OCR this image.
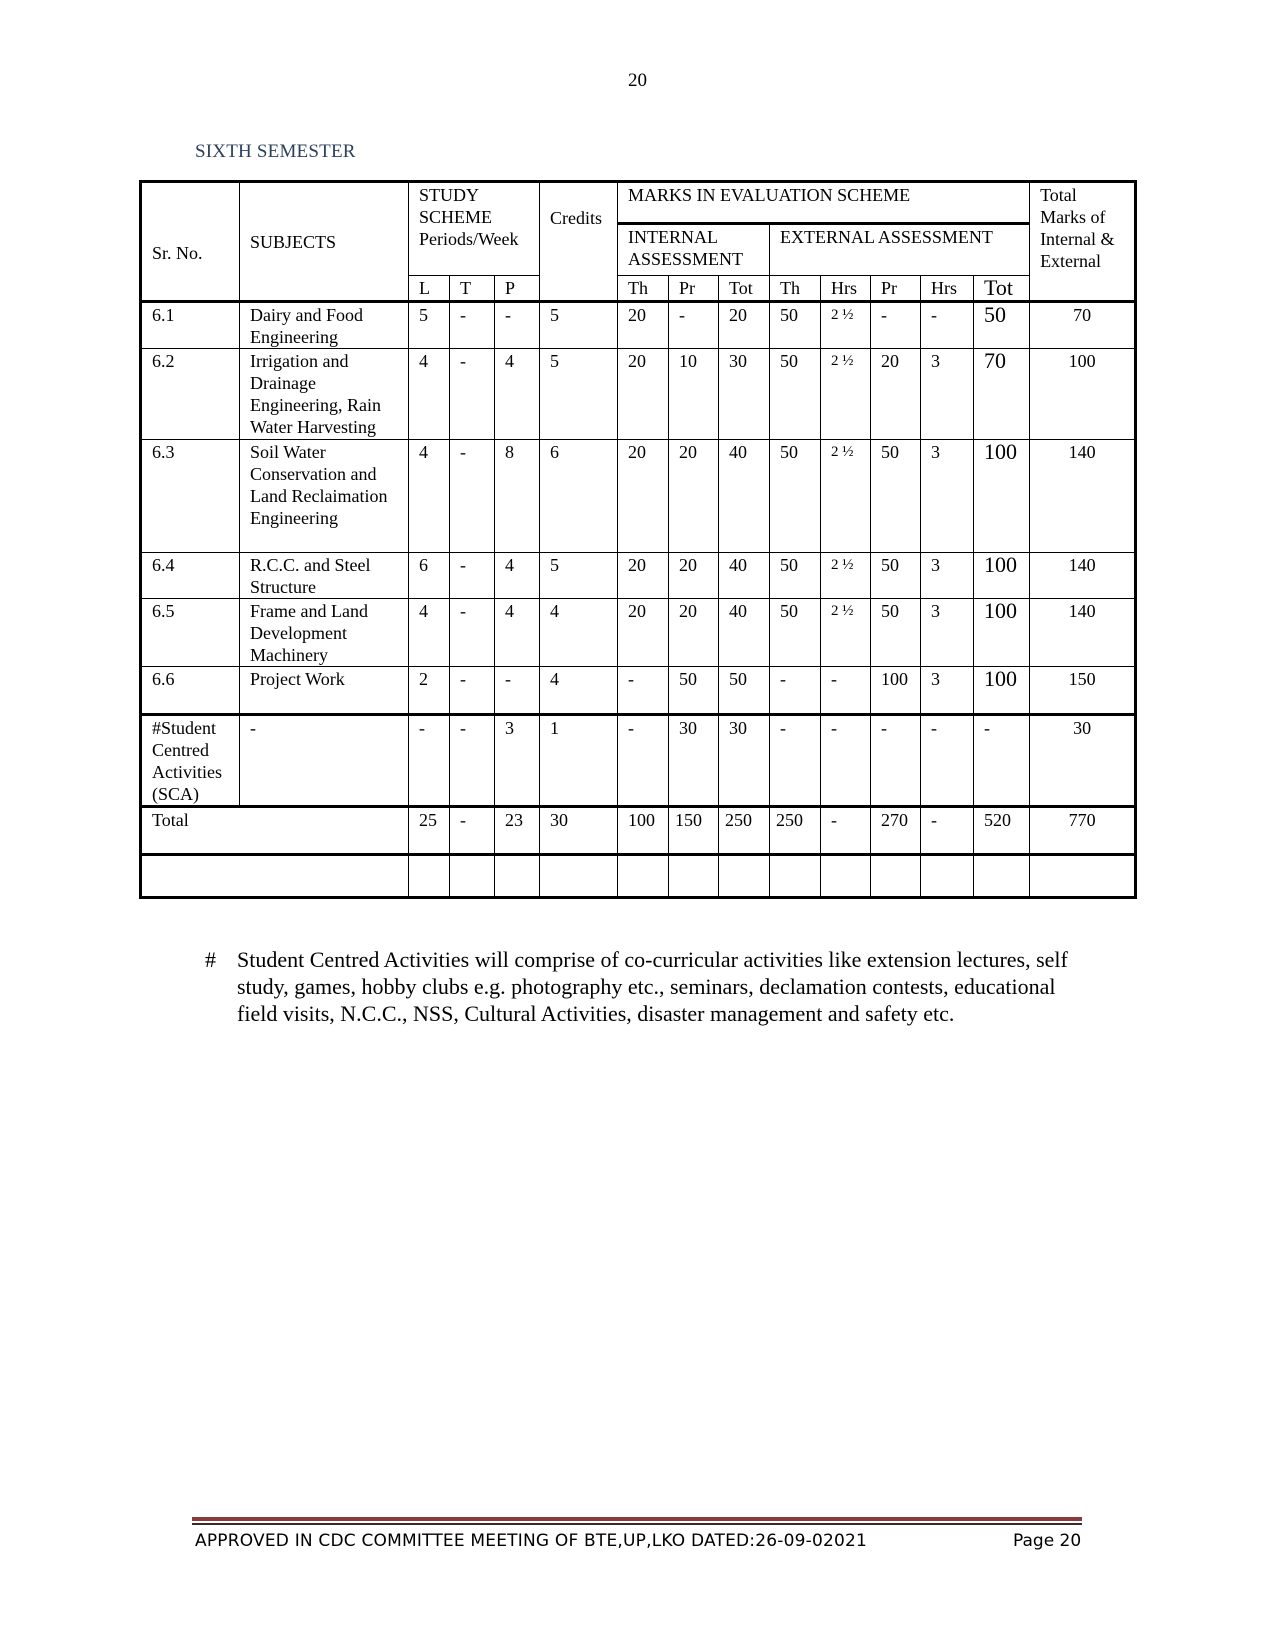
20
SIXTH SEMESTER
Sr. No.	SUBJECTS	STUDY SCHEME Periods/Week			Credits	MARKS IN EVALUATION SCHEME								Total Marks of Internal & External
						INTERNAL ASSESSMENT			EXTERNAL ASSESSMENT					
		L	T	P		Th	Pr	Tot	Th	Hrs	Pr	Hrs	Tot	
6.1	Dairy and Food Engineering	5	-	-	5	20	-	20	50	2 ½	-	-	50	70
6.2	Irrigation and Drainage Engineering, Rain Water Harvesting	4	-	4	5	20	10	30	50	2 ½	20	3	70	100
6.3	Soil Water Conservation and Land Reclaimation Engineering	4	-	8	6	20	20	40	50	2 ½	50	3	100	140
6.4	R.C.C. and Steel Structure	6	-	4	5	20	20	40	50	2 ½	50	3	100	140
6.5	Frame and Land Development Machinery	4	-	4	4	20	20	40	50	2 ½	50	3	100	140
6.6	Project Work	2	-	-	4	-	50	50	-	-	100	3	100	150
#Student Centred Activities (SCA)	-	-	-	3	1	-	30	30	-	-	-	-	-	30
Total		25	-	23	30	100	150	250	250	-	270	-	520	770

# Student Centred Activities will comprise of co-curricular activities like extension lectures, self study, games, hobby clubs e.g. photography etc., seminars, declamation contests, educational field visits, N.C.C., NSS, Cultural Activities, disaster management and safety etc.
APPROVED IN CDC COMMITTEE MEETING OF BTE,UP,LKO DATED:26-09-02021	Page 20
